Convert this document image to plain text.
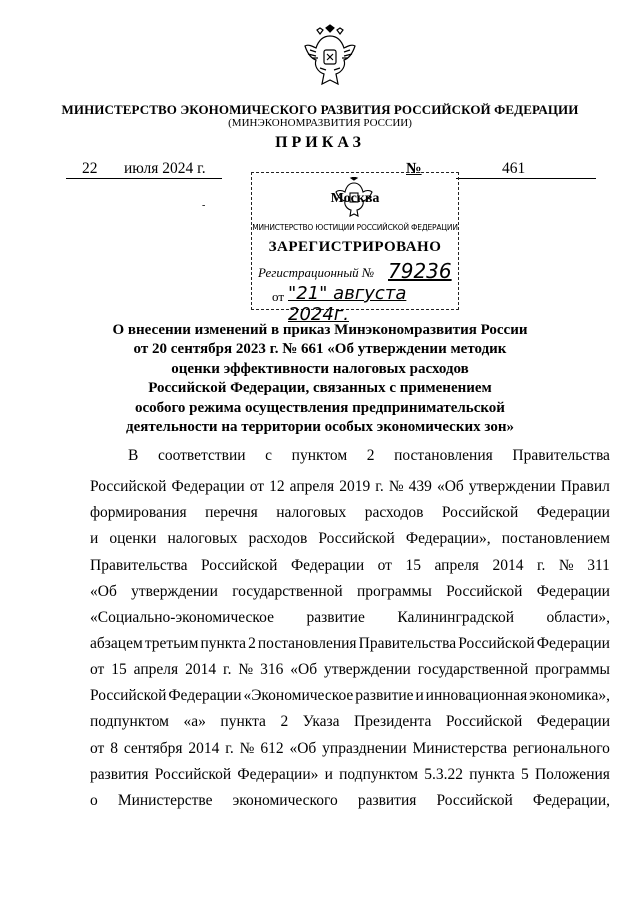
МИНИСТЕРСТВО ЭКОНОМИЧЕСКОГО РАЗВИТИЯ РОССИЙСКОЙ ФЕДЕРАЦИИ
(МИНЭКОНОМРАЗВИТИЯ РОССИИ)
ПРИКАЗ
22 июля 2024 г.	№	461
-	Москва
МИНИСТЕРСТВО ЮСТИЦИИ РОССИЙСКОЙ ФЕДЕРАЦИИ
ЗАРЕГИСТРИРОВАНО
Регистрационный № 79236
от "21" августа 2024г.
О внесении изменений в приказ Минэкономразвития России
от 20 сентября 2023 г. № 661 «Об утверждении методик
оценки эффективности налоговых расходов
Российской Федерации, связанных с применением
особого режима осуществления предпринимательской
деятельности на территории особых экономических зон»
В соответствии с пунктом 2 постановления Правительства
Российской Федерации от 12 апреля 2019 г. № 439 «Об утверждении Правил
формирования перечня налоговых расходов Российской Федерации
и оценки налоговых расходов Российской Федерации», постановлением
Правительства Российской Федерации от 15 апреля 2014 г. № 311
«Об утверждении государственной программы Российской Федерации
«Социально-экономическое развитие Калининградской области»,
абзацем третьим пункта 2 постановления Правительства Российской Федерации
от 15 апреля 2014 г. № 316 «Об утверждении государственной программы
Российской Федерации «Экономическое развитие и инновационная экономика»,
подпунктом «а» пункта 2 Указа Президента Российской Федерации
от 8 сентября 2014 г. № 612 «Об упразднении Министерства регионального
развития Российской Федерации» и подпунктом 5.3.22 пункта 5 Положения
о Министерстве экономического развития Российской Федерации,
